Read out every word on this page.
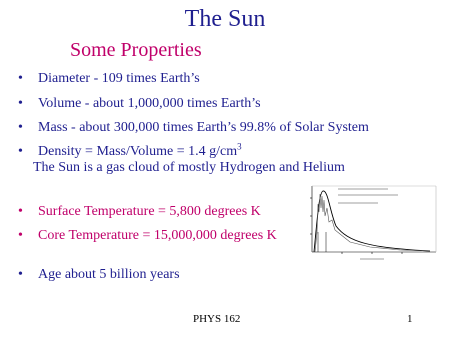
The Sun
Some Properties
• Diameter - 109 times Earth’s
• Volume - about 1,000,000 times Earth’s
• Mass - about 300,000 times Earth’s 99.8% of Solar System
• Density = Mass/Volume = 1.4 $g/cm^3$
The Sun is a gas cloud of mostly Hydrogen and Helium
• Surface Temperature = 5,800 degrees K
• Core Temperature = 15,000,000 degrees K
• Age about 5 billion years
PHYS 162	1
